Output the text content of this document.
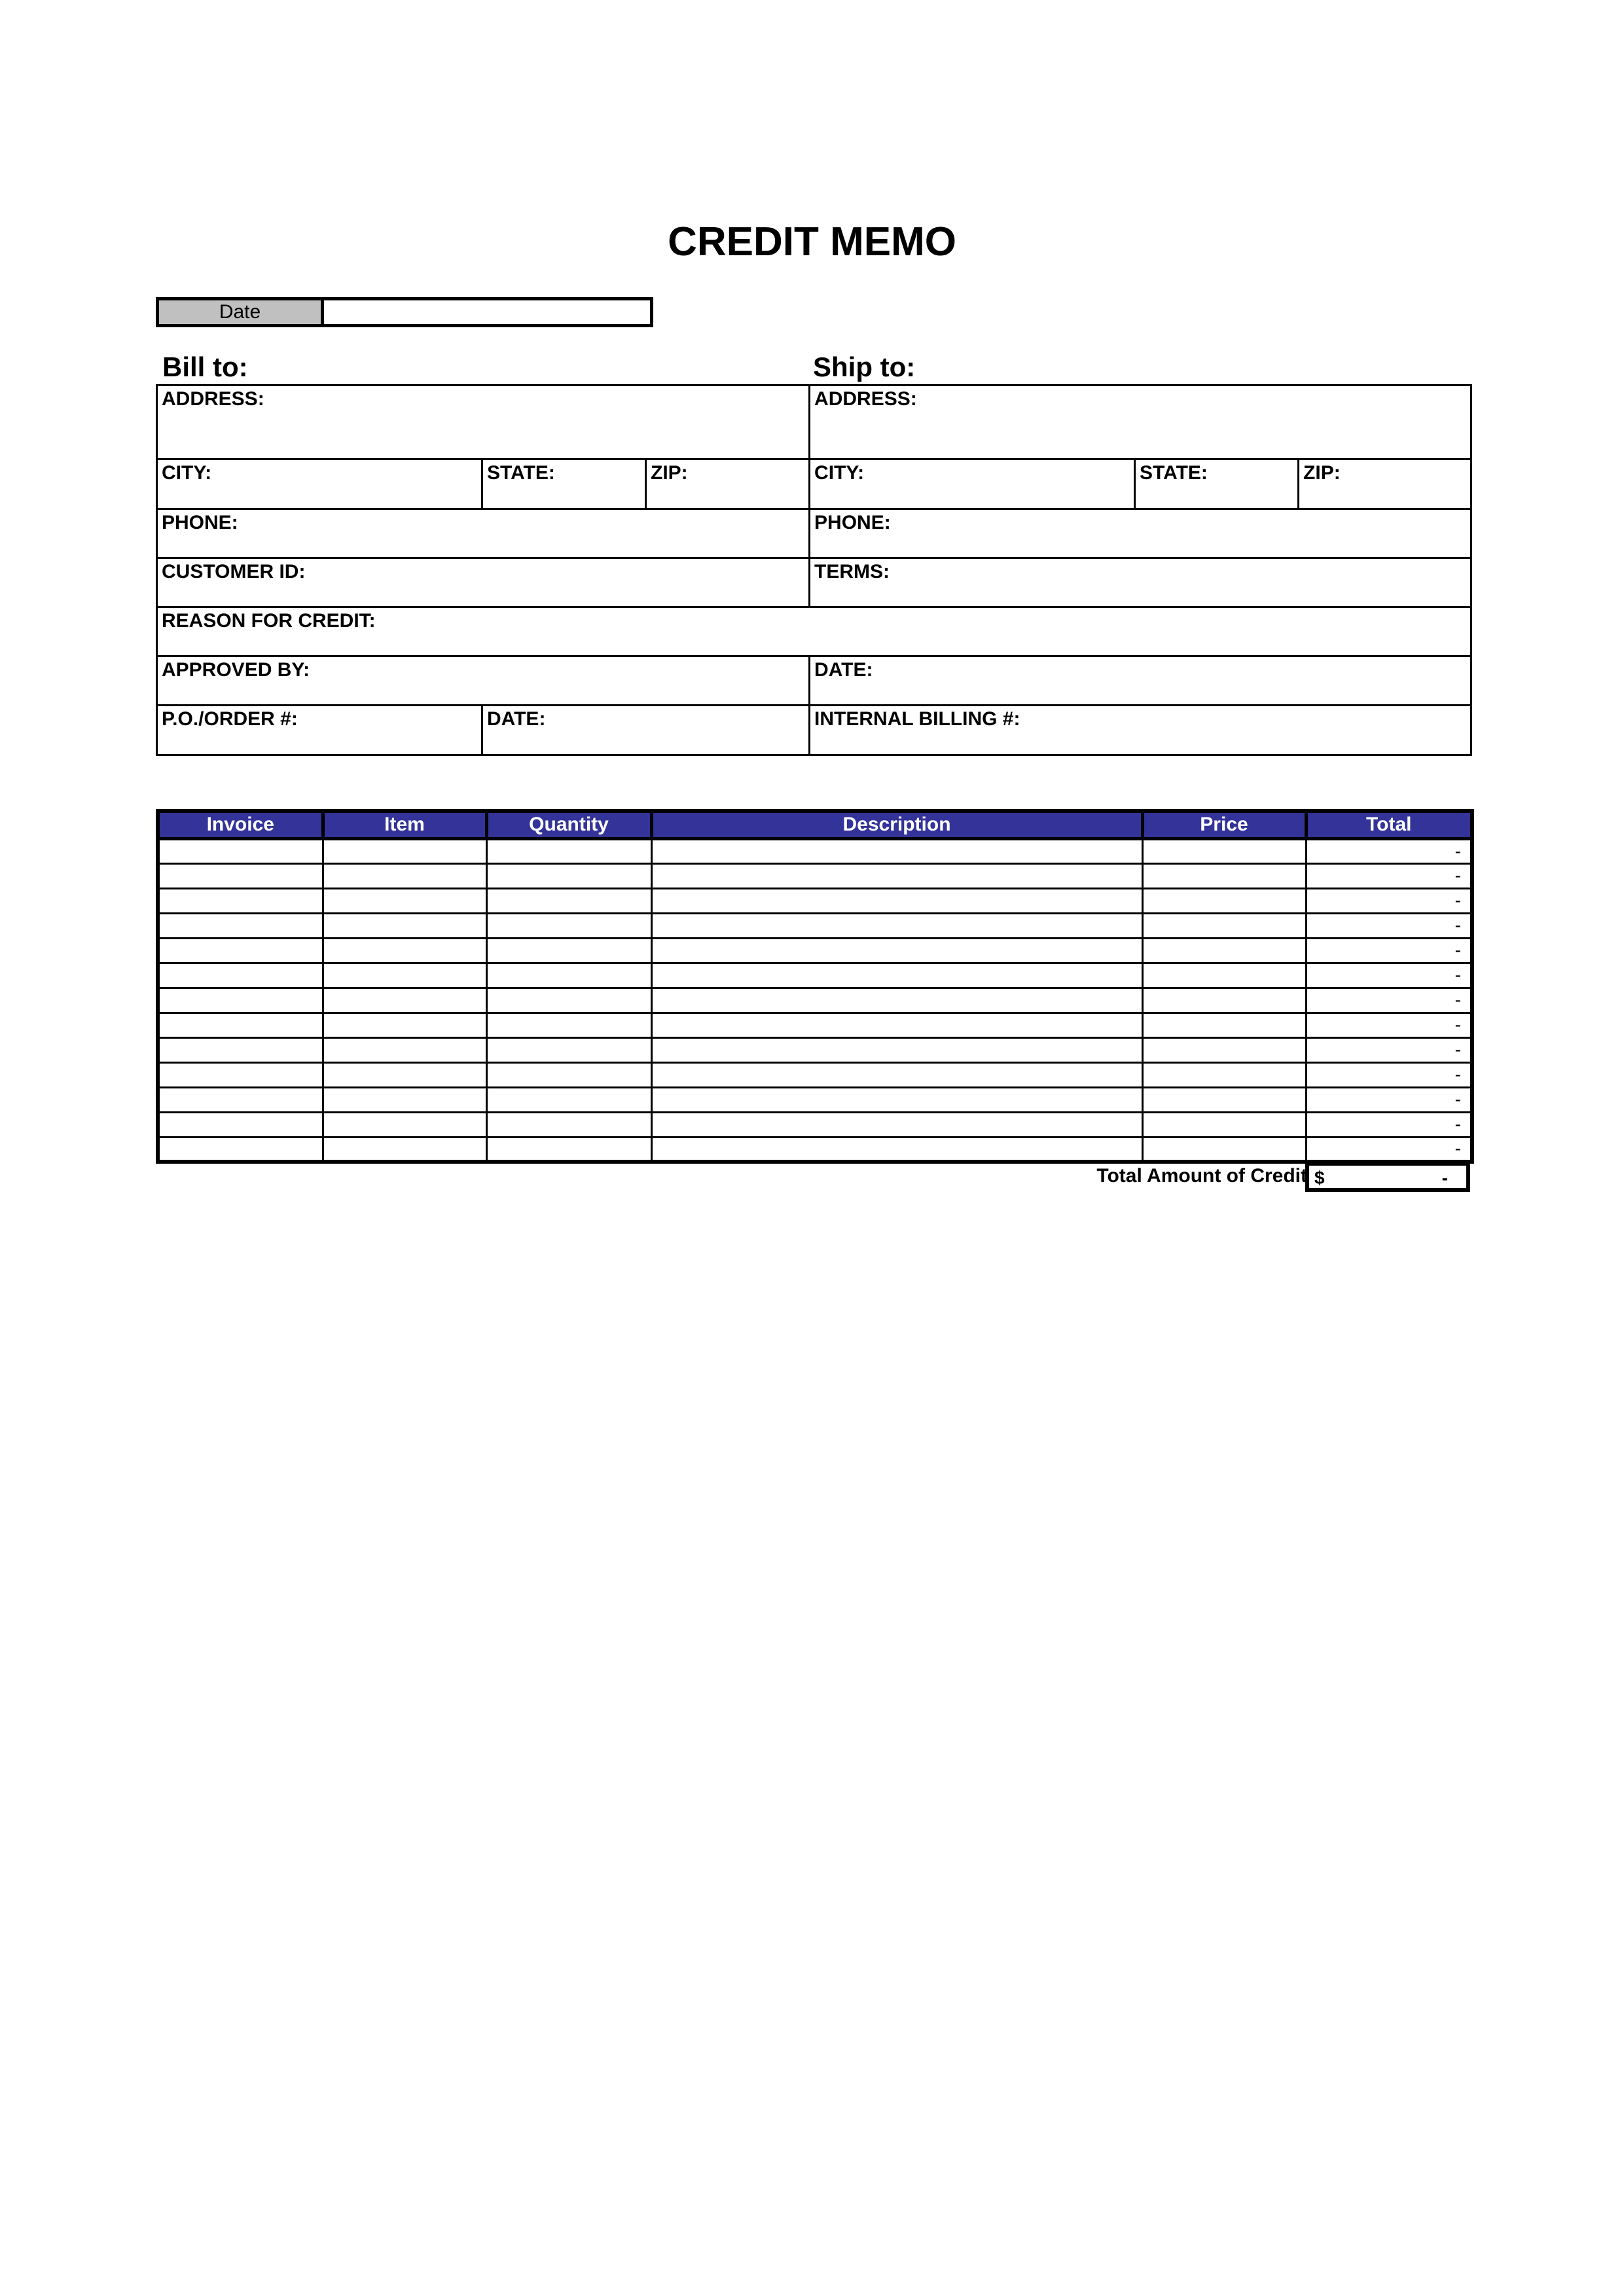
CREDIT MEMO
Date
Bill to:	Ship to:
ADDRESS:			ADDRESS:		
CITY:	STATE:	ZIP:	CITY:	STATE:	ZIP:
PHONE:			PHONE:		
CUSTOMER ID:			TERMS:		
REASON FOR CREDIT:					
APPROVED BY:			DATE:		
P.O./ORDER #:	DATE:		INTERNAL BILLING #:		
Invoice	Item	Quantity	Description	Price	Total
					-
					-
					-
					-
					-
					-
					-
					-
					-
					-
					-
					-
					-
Total Amount of Credit $	-
